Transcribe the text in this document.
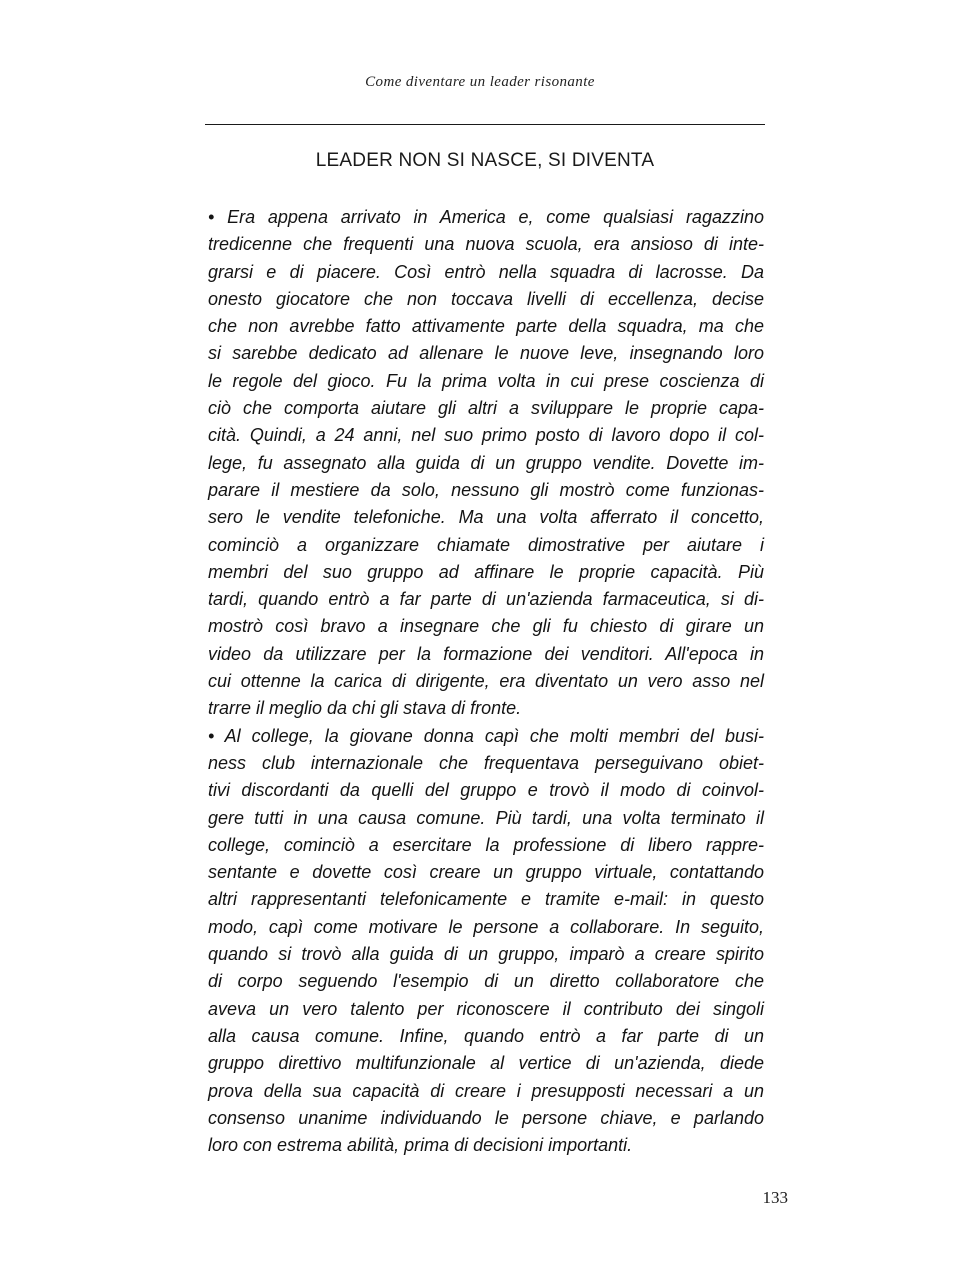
Come diventare un leader risonante
LEADER NON SI NASCE, SI DIVENTA
• Era appena arrivato in America e, come qualsiasi ragazzino
tredicenne che frequenti una nuova scuola, era ansioso di inte-
grarsi e di piacere. Così entrò nella squadra di lacrosse. Da
onesto giocatore che non toccava livelli di eccellenza, decise
che non avrebbe fatto attivamente parte della squadra, ma che
si sarebbe dedicato ad allenare le nuove leve, insegnando loro
le regole del gioco. Fu la prima volta in cui prese coscienza di
ciò che comporta aiutare gli altri a sviluppare le proprie capa-
cità. Quindi, a 24 anni, nel suo primo posto di lavoro dopo il col-
lege, fu assegnato alla guida di un gruppo vendite. Dovette im-
parare il mestiere da solo, nessuno gli mostrò come funzionas-
sero le vendite telefoniche. Ma una volta afferrato il concetto,
cominciò a organizzare chiamate dimostrative per aiutare i
membri del suo gruppo ad affinare le proprie capacità. Più
tardi, quando entrò a far parte di un'azienda farmaceutica, si di-
mostrò così bravo a insegnare che gli fu chiesto di girare un
video da utilizzare per la formazione dei venditori. All'epoca in
cui ottenne la carica di dirigente, era diventato un vero asso nel
trarre il meglio da chi gli stava di fronte.
• Al college, la giovane donna capì che molti membri del busi-
ness club internazionale che frequentava perseguivano obiet-
tivi discordanti da quelli del gruppo e trovò il modo di coinvol-
gere tutti in una causa comune. Più tardi, una volta terminato il
college, cominciò a esercitare la professione di libero rappre-
sentante e dovette così creare un gruppo virtuale, contattando
altri rappresentanti telefonicamente e tramite e-mail: in questo
modo, capì come motivare le persone a collaborare. In seguito,
quando si trovò alla guida di un gruppo, imparò a creare spirito
di corpo seguendo l'esempio di un diretto collaboratore che
aveva un vero talento per riconoscere il contributo dei singoli
alla causa comune. Infine, quando entrò a far parte di un
gruppo direttivo multifunzionale al vertice di un'azienda, diede
prova della sua capacità di creare i presupposti necessari a un
consenso unanime individuando le persone chiave, e parlando
loro con estrema abilità, prima di decisioni importanti.
133
